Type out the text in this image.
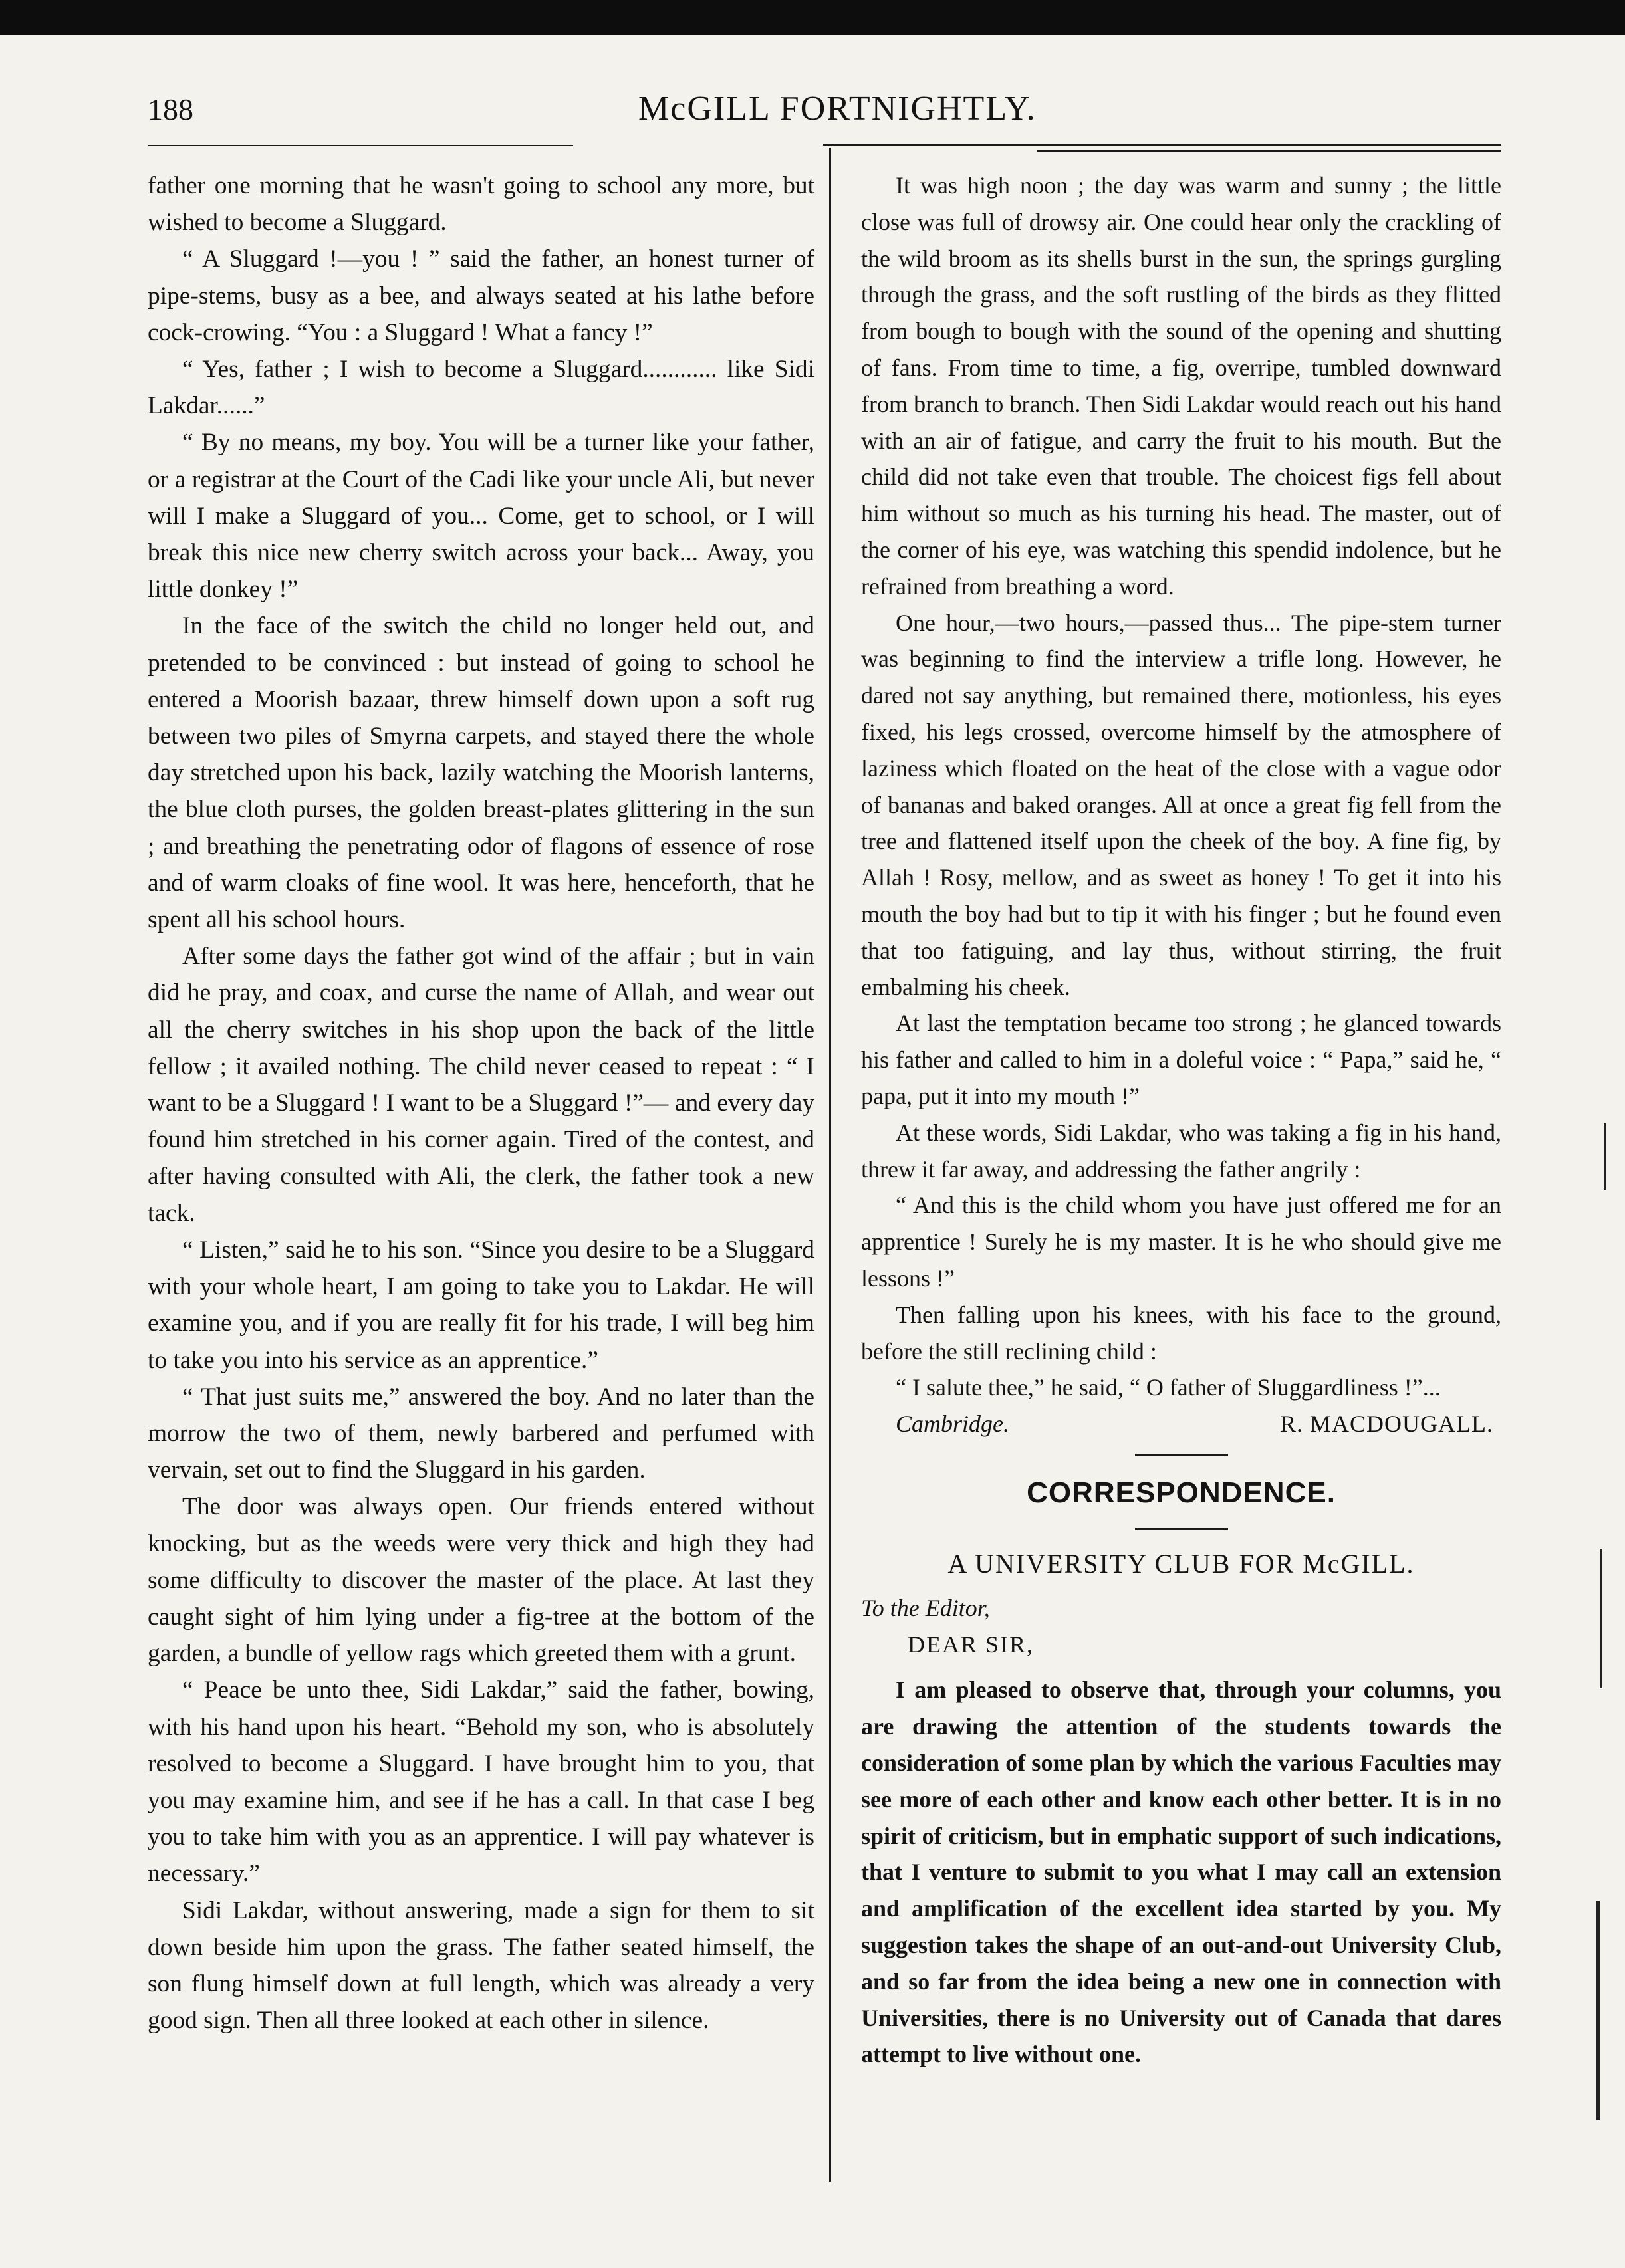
188	McGILL FORTNIGHTLY.

father one morning that he wasn't going to school any more, but wished to become a Sluggard.

“ A Sluggard !—you ! ” said the father, an honest turner of pipe-stems, busy as a bee, and always seated at his lathe before cock-crowing. “You : a Sluggard ! What a fancy !”

“ Yes, father ; I wish to become a Sluggard............ like Sidi Lakdar......”

“ By no means, my boy. You will be a turner like your father, or a registrar at the Court of the Cadi like your uncle Ali, but never will I make a Sluggard of you... Come, get to school, or I will break this nice new cherry switch across your back... Away, you little donkey !”

In the face of the switch the child no longer held out, and pretended to be convinced : but instead of going to school he entered a Moorish bazaar, threw himself down upon a soft rug between two piles of Smyrna carpets, and stayed there the whole day stretched upon his back, lazily watching the Moorish lanterns, the blue cloth purses, the golden breast-plates glittering in the sun ; and breathing the penetrating odor of flagons of essence of rose and of warm cloaks of fine wool. It was here, henceforth, that he spent all his school hours.

After some days the father got wind of the affair ; but in vain did he pray, and coax, and curse the name of Allah, and wear out all the cherry switches in his shop upon the back of the little fellow ; it availed nothing. The child never ceased to repeat : “ I want to be a Sluggard ! I want to be a Sluggard !”— and every day found him stretched in his corner again. Tired of the contest, and after having consulted with Ali, the clerk, the father took a new tack.

“ Listen,” said he to his son. “Since you desire to be a Sluggard with your whole heart, I am going to take you to Lakdar. He will examine you, and if you are really fit for his trade, I will beg him to take you into his service as an apprentice.”

“ That just suits me,” answered the boy. And no later than the morrow the two of them, newly barbered and perfumed with vervain, set out to find the Sluggard in his garden.

The door was always open. Our friends entered without knocking, but as the weeds were very thick and high they had some difficulty to discover the master of the place. At last they caught sight of him lying under a fig-tree at the bottom of the garden, a bundle of yellow rags which greeted them with a grunt.

“ Peace be unto thee, Sidi Lakdar,” said the father, bowing, with his hand upon his heart. “Behold my son, who is absolutely resolved to become a Sluggard. I have brought him to you, that you may examine him, and see if he has a call. In that case I beg you to take him with you as an apprentice. I will pay whatever is necessary.”

Sidi Lakdar, without answering, made a sign for them to sit down beside him upon the grass. The father seated himself, the son flung himself down at full length, which was already a very good sign. Then all three looked at each other in silence.

It was high noon ; the day was warm and sunny ; the little close was full of drowsy air. One could hear only the crackling of the wild broom as its shells burst in the sun, the springs gurgling through the grass, and the soft rustling of the birds as they flitted from bough to bough with the sound of the opening and shutting of fans. From time to time, a fig, overripe, tumbled downward from branch to branch. Then Sidi Lakdar would reach out his hand with an air of fatigue, and carry the fruit to his mouth. But the child did not take even that trouble. The choicest figs fell about him without so much as his turning his head. The master, out of the corner of his eye, was watching this spendid indolence, but he refrained from breathing a word.

One hour,—two hours,—passed thus... The pipe-stem turner was beginning to find the interview a trifle long. However, he dared not say anything, but remained there, motionless, his eyes fixed, his legs crossed, overcome himself by the atmosphere of laziness which floated on the heat of the close with a vague odor of bananas and baked oranges. All at once a great fig fell from the tree and flattened itself upon the cheek of the boy. A fine fig, by Allah ! Rosy, mellow, and as sweet as honey ! To get it into his mouth the boy had but to tip it with his finger ; but he found even that too fatiguing, and lay thus, without stirring, the fruit embalming his cheek.

At last the temptation became too strong ; he glanced towards his father and called to him in a doleful voice : “ Papa,” said he, “ papa, put it into my mouth !”

At these words, Sidi Lakdar, who was taking a fig in his hand, threw it far away, and addressing the father angrily :

“ And this is the child whom you have just offered me for an apprentice ! Surely he is my master. It is he who should give me lessons !”

Then falling upon his knees, with his face to the ground, before the still reclining child :

“ I salute thee,” he said, “ O father of Sluggardliness !”...

Cambridge.	R. MACDOUGALL.
CORRESPONDENCE.
A UNIVERSITY CLUB FOR McGILL.
To the Editor,
DEAR SIR,

I am pleased to observe that, through your columns, you are drawing the attention of the students towards the consideration of some plan by which the various Faculties may see more of each other and know each other better. It is in no spirit of criticism, but in emphatic support of such indications, that I venture to submit to you what I may call an extension and amplification of the excellent idea started by you. My suggestion takes the shape of an out-and-out University Club, and so far from the idea being a new one in connection with Universities, there is no University out of Canada that dares attempt to live without one.
